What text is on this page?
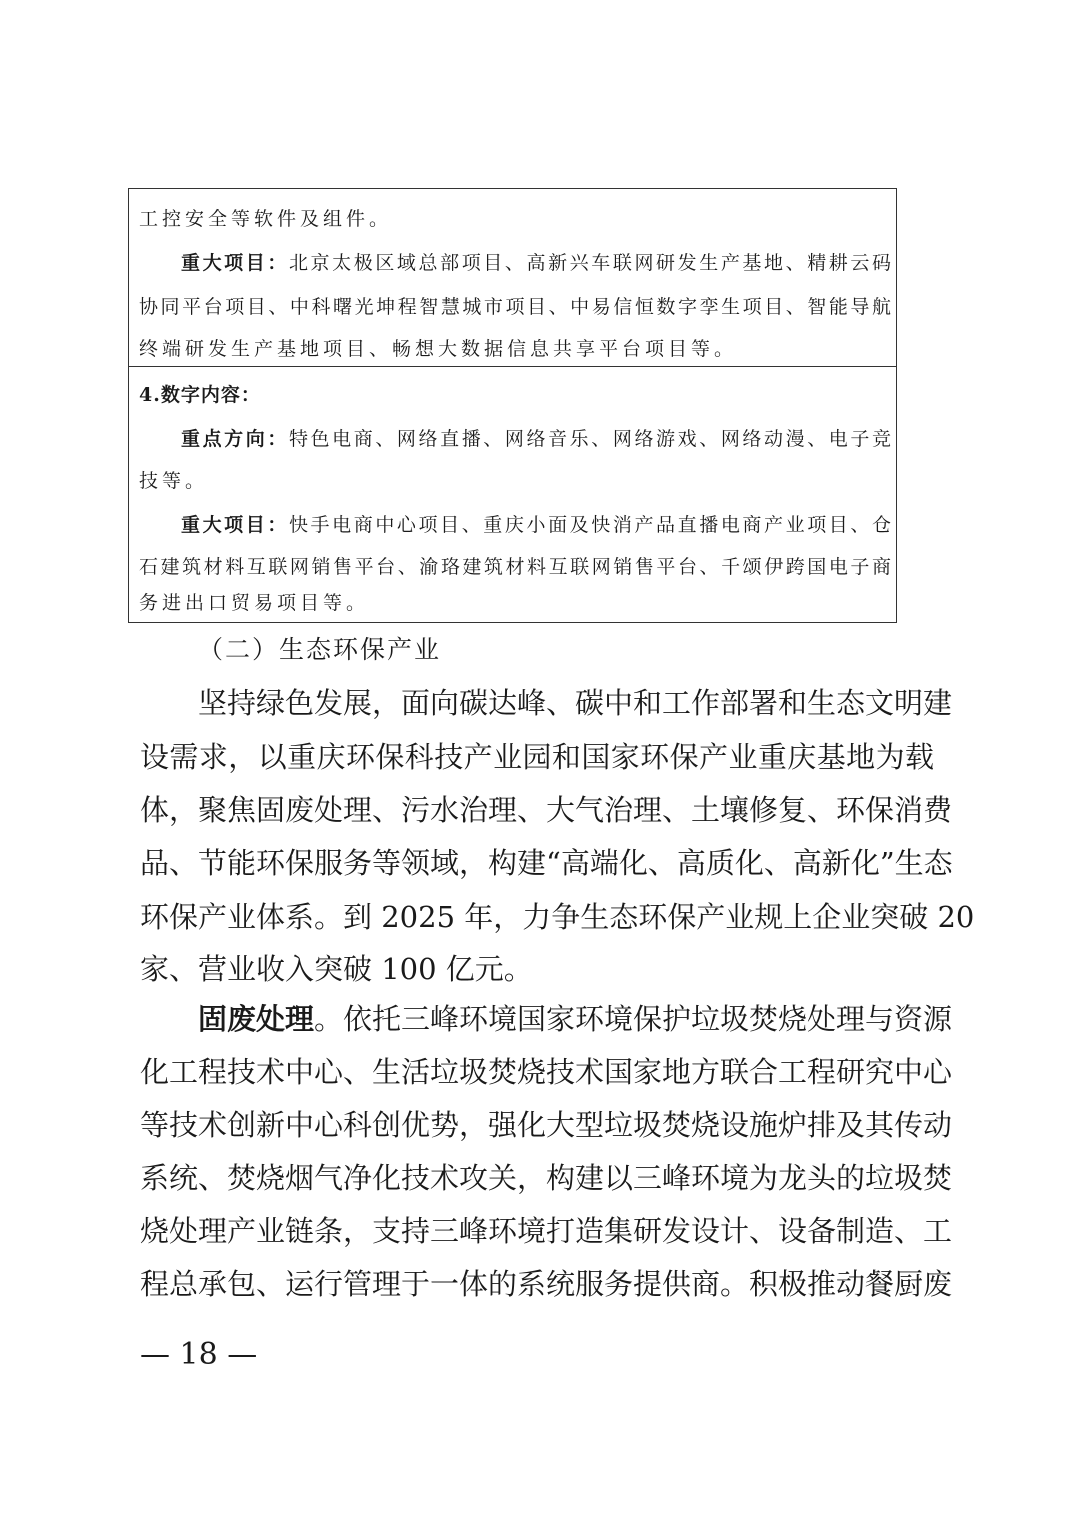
工控安全等软件及组件。
重大项目：北京太极区域总部项目、高新兴车联网研发生产基地、精耕云码
协同平台项目、中科曙光坤程智慧城市项目、中易信恒数字孪生项目、智能导航
终端研发生产基地项目、畅想大数据信息共享平台项目等。
4.数字内容：
重点方向：特色电商、网络直播、网络音乐、网络游戏、网络动漫、电子竞
技等。
重大项目：快手电商中心项目、重庆小面及快消产品直播电商产业项目、仓
石建筑材料互联网销售平台、渝珞建筑材料互联网销售平台、千颂伊跨国电子商
务进出口贸易项目等。
（二）生态环保产业
坚持绿色发展，面向碳达峰、碳中和工作部署和生态文明建
设需求，以重庆环保科技产业园和国家环保产业重庆基地为载
体，聚焦固废处理、污水治理、大气治理、土壤修复、环保消费
品、节能环保服务等领域，构建“高端化、高质化、高新化”生态
环保产业体系。到 2025 年，力争生态环保产业规上企业突破 20
家、营业收入突破 100 亿元。
固废处理。依托三峰环境国家环境保护垃圾焚烧处理与资源
化工程技术中心、生活垃圾焚烧技术国家地方联合工程研究中心
等技术创新中心科创优势，强化大型垃圾焚烧设施炉排及其传动
系统、焚烧烟气净化技术攻关，构建以三峰环境为龙头的垃圾焚
烧处理产业链条，支持三峰环境打造集研发设计、设备制造、工
程总承包、运行管理于一体的系统服务提供商。积极推动餐厨废
— 18 —
